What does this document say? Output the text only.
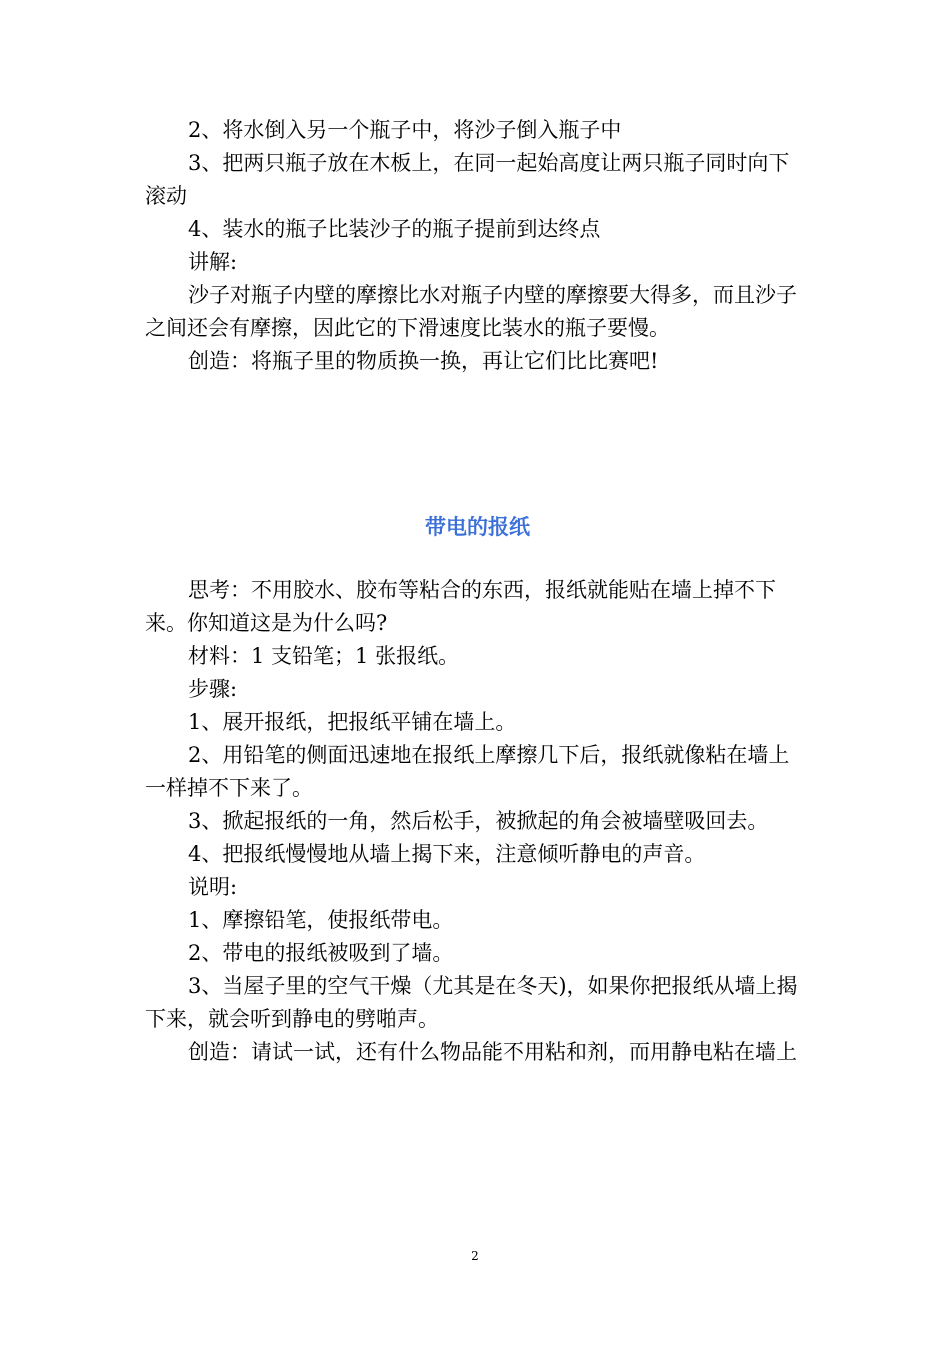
2、将水倒入另一个瓶子中，将沙子倒入瓶子中

3、把两只瓶子放在木板上，在同一起始高度让两只瓶子同时向下滚动

4、装水的瓶子比装沙子的瓶子提前到达终点

讲解:

沙子对瓶子内壁的摩擦比水对瓶子内壁的摩擦要大得多，而且沙子之间还会有摩擦，因此它的下滑速度比装水的瓶子要慢。

创造：将瓶子里的物质换一换，再让它们比比赛吧!

带电的报纸

思考：不用胶水、胶布等粘合的东西，报纸就能贴在墙上掉不下来。你知道这是为什么吗?

材料：1 支铅笔；1 张报纸。

步骤:

1、展开报纸，把报纸平铺在墙上。

2、用铅笔的侧面迅速地在报纸上摩擦几下后，报纸就像粘在墙上一样掉不下来了。

3、掀起报纸的一角，然后松手，被掀起的角会被墙壁吸回去。

4、把报纸慢慢地从墙上揭下来，注意倾听静电的声音。

说明:

1、摩擦铅笔，使报纸带电。

2、带电的报纸被吸到了墙。

3、当屋子里的空气干燥（尤其是在冬天)，如果你把报纸从墙上揭下来，就会听到静电的劈啪声。

创造：请试一试，还有什么物品能不用粘和剂，而用静电粘在墙上

2
